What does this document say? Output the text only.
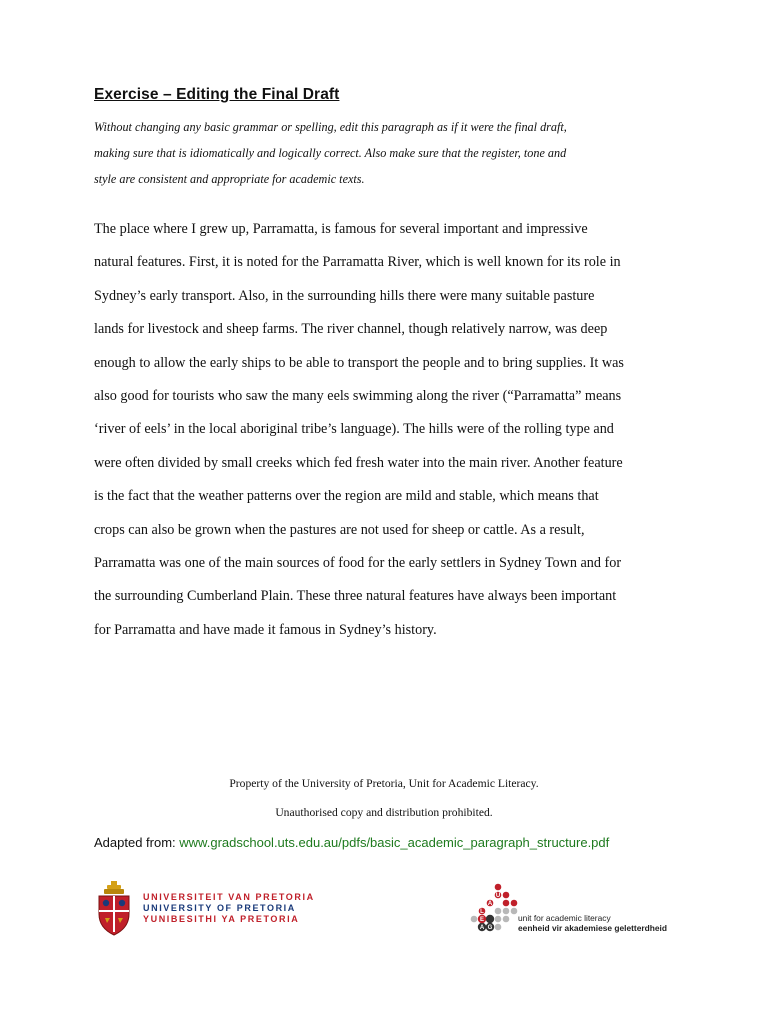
Exercise – Editing the Final Draft
Without changing any basic grammar or spelling, edit this paragraph as if it were the final draft,
making sure that is idiomatically and logically correct. Also make sure that the register, tone and
style are consistent and appropriate for academic texts.
The place where I grew up, Parramatta, is famous for several important and impressive
natural features. First, it is noted for the Parramatta River, which is well known for its role in
Sydney’s early transport. Also, in the surrounding hills there were many suitable pasture
lands for livestock and sheep farms. The river channel, though relatively narrow, was deep
enough to allow the early ships to be able to transport the people and to bring supplies. It was
also good for tourists who saw the many eels swimming along the river (“Parramatta” means
‘river of eels’ in the local aboriginal tribe’s language). The hills were of the rolling type and
were often divided by small creeks which fed fresh water into the main river. Another feature
is the fact that the weather patterns over the region are mild and stable, which means that
crops can also be grown when the pastures are not used for sheep or cattle. As a result,
Parramatta was one of the main sources of food for the early settlers in Sydney Town and for
the surrounding Cumberland Plain. These three natural features have always been important
for Parramatta and have made it famous in Sydney’s history.
Property of the University of Pretoria, Unit for Academic Literacy.
Unauthorised copy and distribution prohibited.
Adapted from: www.gradschool.uts.edu.au/pdfs/basic_academic_paragraph_structure.pdf
UNIVERSITEIT VAN PRETORIA
UNIVERSITY OF PRETORIA
YUNIBESITHI YA PRETORIA
U
A
L
E
A G
unit for academic literacy
eenheid vir akademiese geletterdheid
